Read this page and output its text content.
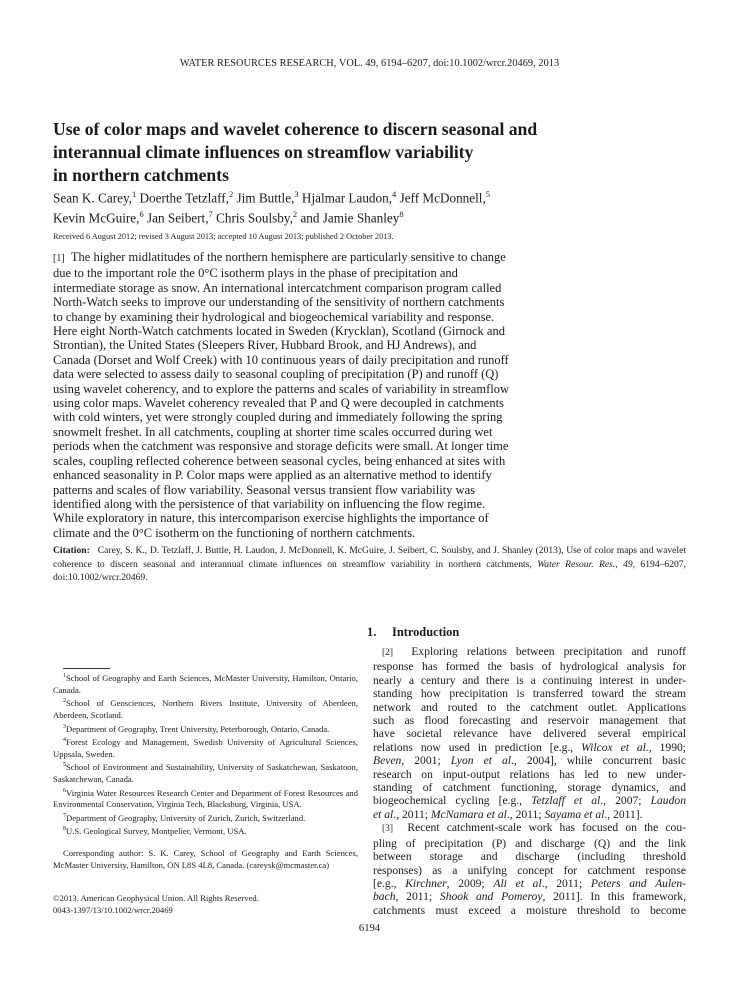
WATER RESOURCES RESEARCH, VOL. 49, 6194–6207, doi:10.1002/wrcr.20469, 2013
Use of color maps and wavelet coherence to discern seasonal and
interannual climate influences on streamflow variability
in northern catchments
Sean K. Carey,$^1$ Doerthe Tetzlaff,$^2$ Jim Buttle,$^3$ Hjalmar Laudon,$^4$ Jeff McDonnell,$^5$
Kevin McGuire,$^6$ Jan Seibert,$^7$ Chris Soulsby,$^2$ and Jamie Shanley$^8$
Received 6 August 2012; revised 3 August 2013; accepted 10 August 2013; published 2 October 2013.
[1]  The higher midlatitudes of the northern hemisphere are particularly sensitive to change
due to the important role the 0°C isotherm plays in the phase of precipitation and
intermediate storage as snow. An international intercatchment comparison program called
North-Watch seeks to improve our understanding of the sensitivity of northern catchments
to change by examining their hydrological and biogeochemical variability and response.
Here eight North-Watch catchments located in Sweden (Krycklan), Scotland (Girnock and
Strontian), the United States (Sleepers River, Hubbard Brook, and HJ Andrews), and
Canada (Dorset and Wolf Creek) with 10 continuous years of daily precipitation and runoff
data were selected to assess daily to seasonal coupling of precipitation (P) and runoff (Q)
using wavelet coherency, and to explore the patterns and scales of variability in streamflow
using color maps. Wavelet coherency revealed that P and Q were decoupled in catchments
with cold winters, yet were strongly coupled during and immediately following the spring
snowmelt freshet. In all catchments, coupling at shorter time scales occurred during wet
periods when the catchment was responsive and storage deficits were small. At longer time
scales, coupling reflected coherence between seasonal cycles, being enhanced at sites with
enhanced seasonality in P. Color maps were applied as an alternative method to identify
patterns and scales of flow variability. Seasonal versus transient flow variability was
identified along with the persistence of that variability on influencing the flow regime.
While exploratory in nature, this intercomparison exercise highlights the importance of
climate and the 0°C isotherm on the functioning of northern catchments.
Citation: Carey, S. K., D. Tetzlaff, J. Buttle, H. Laudon, J. McDonnell, K. McGuire, J. Seibert, C. Soulsby, and J. Shanley (2013), Use of color maps and wavelet coherence to discern seasonal and interannual climate influences on streamflow variability in northern catchments, Water Resour. Res., 49, 6194–6207, doi:10.1002/wrcr.20469.

$^1$School of Geography and Earth Sciences, McMaster University, Hamilton, Ontario, Canada.

$^2$School of Geosciences, Northern Rivers Institute, University of Aberdeen, Aberdeen, Scotland.

$^3$Department of Geography, Trent University, Peterborough, Ontario, Canada.

$^4$Forest Ecology and Management, Swedish University of Agricultural Sciences, Uppsala, Sweden.

$^5$School of Environment and Sustainability, University of Saskatchewan, Saskatoon, Saskatchewan, Canada.

$^6$Virginia Water Resources Research Center and Department of Forest Resources and Environmental Conservation, Virginia Tech, Blacksburg, Virginia, USA.

$^7$Department of Geography, University of Zurich, Zurich, Switzerland.

$^8$U.S. Geological Survey, Montpelier, Vermont, USA.

Corresponding author: S. K. Carey, School of Geography and Earth Sciences, McMaster University, Hamilton, ON L8S 4L8, Canada. (careysk@mcmaster.ca)

©2013. American Geophysical Union. All Rights Reserved.
0043-1397/13/10.1002/wrcr.20469
1. Introduction
[2]  Exploring relations between precipitation and runoff
response has formed the basis of hydrological analysis for
nearly a century and there is a continuing interest in under-
standing how precipitation is transferred toward the stream
network and routed to the catchment outlet. Applications
such as flood forecasting and reservoir management that
have societal relevance have delivered several empirical
relations now used in prediction [e.g., Wilcox et al., 1990;
Beven, 2001; Lyon et al., 2004], while concurrent basic
research on input-output relations has led to new under-
standing of catchment functioning, storage dynamics, and
biogeochemical cycling [e.g., Tetzlaff et al., 2007; Laudon
et al., 2011; McNamara et al., 2011; Sayama et al., 2011].
[3]  Recent catchment-scale work has focused on the cou-
pling of precipitation (P) and discharge (Q) and the link
between storage and discharge (including threshold
responses) as a unifying concept for catchment response
[e.g., Kirchner, 2009; Ali et al., 2011; Peters and Aulen-
bach, 2011; Shook and Pomeroy, 2011]. In this framework,
catchments must exceed a moisture threshold to become
6194
